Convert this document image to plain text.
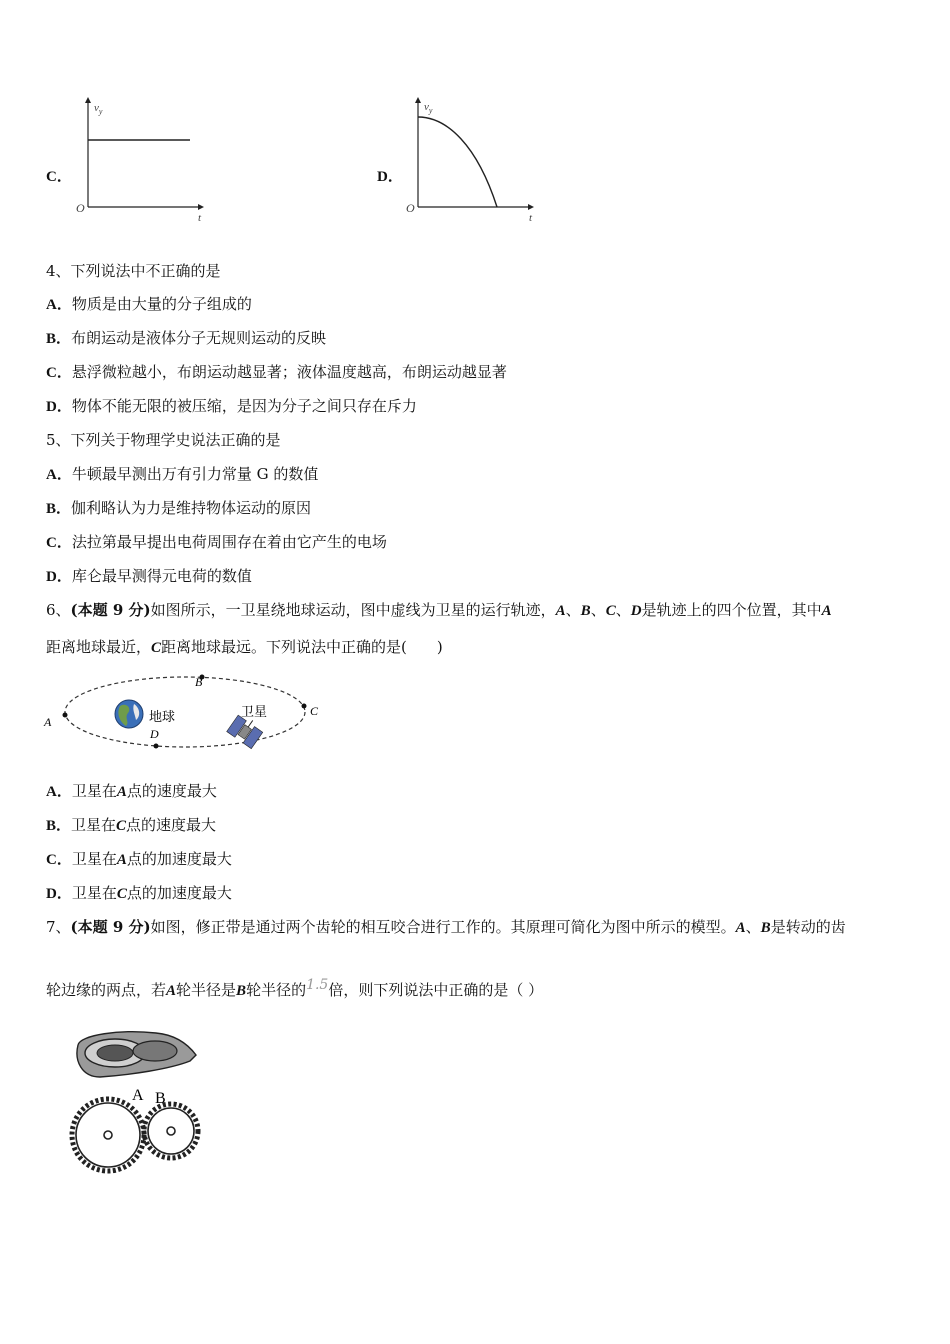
C．
$v_y$
t
O
D．
$v_y$
t
O
4、下列说法中不正确的是
A．物质是由大量的分子组成的
B．布朗运动是液体分子无规则运动的反映
C．悬浮微粒越小，布朗运动越显著；液体温度越高，布朗运动越显著
D．物体不能无限的被压缩，是因为分子之间只存在斥力
5、下列关于物理学史说法正确的是
A．牛顿最早测出万有引力常量 G 的数值
B．伽利略认为力是维持物体运动的原因
C．法拉第最早提出电荷周围存在着由它产生的电场
D．库仑最早测得元电荷的数值
6、(本题 9 分)如图所示，一卫星绕地球运动，图中虚线为卫星的运行轨迹，A、B、C、D是轨迹上的四个位置，其中A
距离地球最近，C距离地球最远。下列说法中正确的是(　　)
A
B
C
D
地球	卫星
A．卫星在A点的速度最大
B．卫星在C点的速度最大
C．卫星在A点的加速度最大
D．卫星在C点的加速度最大
7、(本题 9 分)如图，修正带是通过两个齿轮的相互咬合进行工作的。其原理可简化为图中所示的模型。A、B是转动的齿
轮边缘的两点，若A轮半径是B轮半径的1.5倍，则下列说法中正确的是（ ）
A B
